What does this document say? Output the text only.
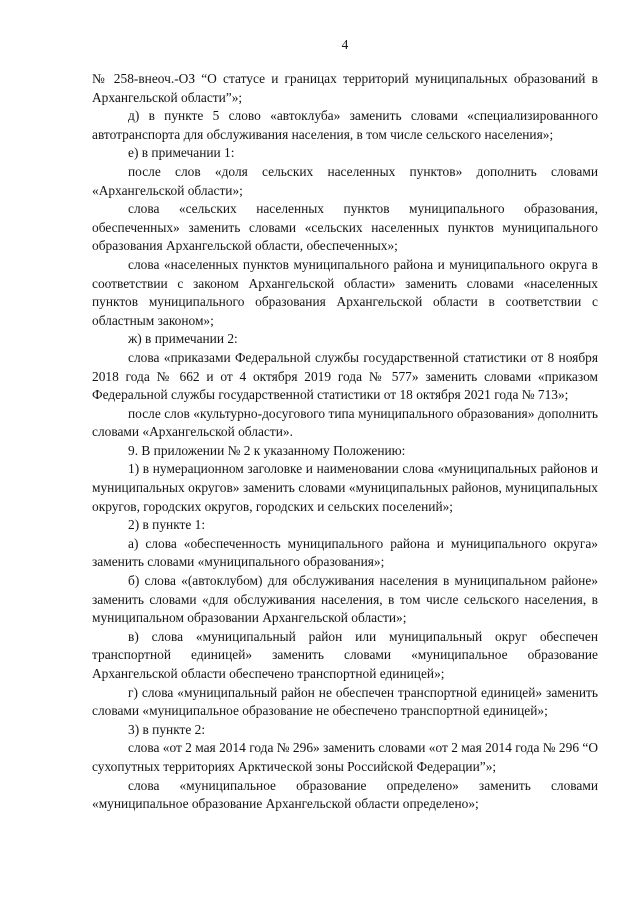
4

№ 258-внеоч.-ОЗ “О статусе и границах территорий муниципальных образований в Архангельской области”»;

д) в пункте 5 слово «автоклуба» заменить словами «специализированного автотранспорта для обслуживания населения, в том числе сельского населения»;

е) в примечании 1:

после слов «доля сельских населенных пунктов» дополнить словами «Архангельской области»;

слова «сельских населенных пунктов муниципального образования, обеспеченных» заменить словами «сельских населенных пунктов муниципального образования Архангельской области, обеспеченных»;

слова «населенных пунктов муниципального района и муниципального округа в соответствии с законом Архангельской области» заменить словами «населенных пунктов муниципального образования Архангельской области в соответствии с областным законом»;

ж) в примечании 2:

слова «приказами Федеральной службы государственной статистики от 8 ноября 2018 года № 662 и от 4 октября 2019 года № 577» заменить словами «приказом Федеральной службы государственной статистики от 18 октября 2021 года № 713»;

после слов «культурно-досугового типа муниципального образования» дополнить словами «Архангельской области».

9. В приложении № 2 к указанному Положению:

1) в нумерационном заголовке и наименовании слова «муниципальных районов и муниципальных округов» заменить словами «муниципальных районов, муниципальных округов, городских округов, городских и сельских поселений»;

2) в пункте 1:

а) слова «обеспеченность муниципального района и муниципального округа» заменить словами «муниципального образования»;

б) слова «(автоклубом) для обслуживания населения в муниципальном районе» заменить словами «для обслуживания населения, в том числе сельского населения, в муниципальном образовании Архангельской области»;

в) слова «муниципальный район или муниципальный округ обеспечен транспортной единицей» заменить словами «муниципальное образование Архангельской области обеспечено транспортной единицей»;

г) слова «муниципальный район не обеспечен транспортной единицей» заменить словами «муниципальное образование не обеспечено транспортной единицей»;

3) в пункте 2:

слова «от 2 мая 2014 года № 296» заменить словами «от 2 мая 2014 года № 296 “О сухопутных территориях Арктической зоны Российской Федерации”»;

слова «муниципальное образование определено» заменить словами «муниципальное образование Архангельской области определено»;
